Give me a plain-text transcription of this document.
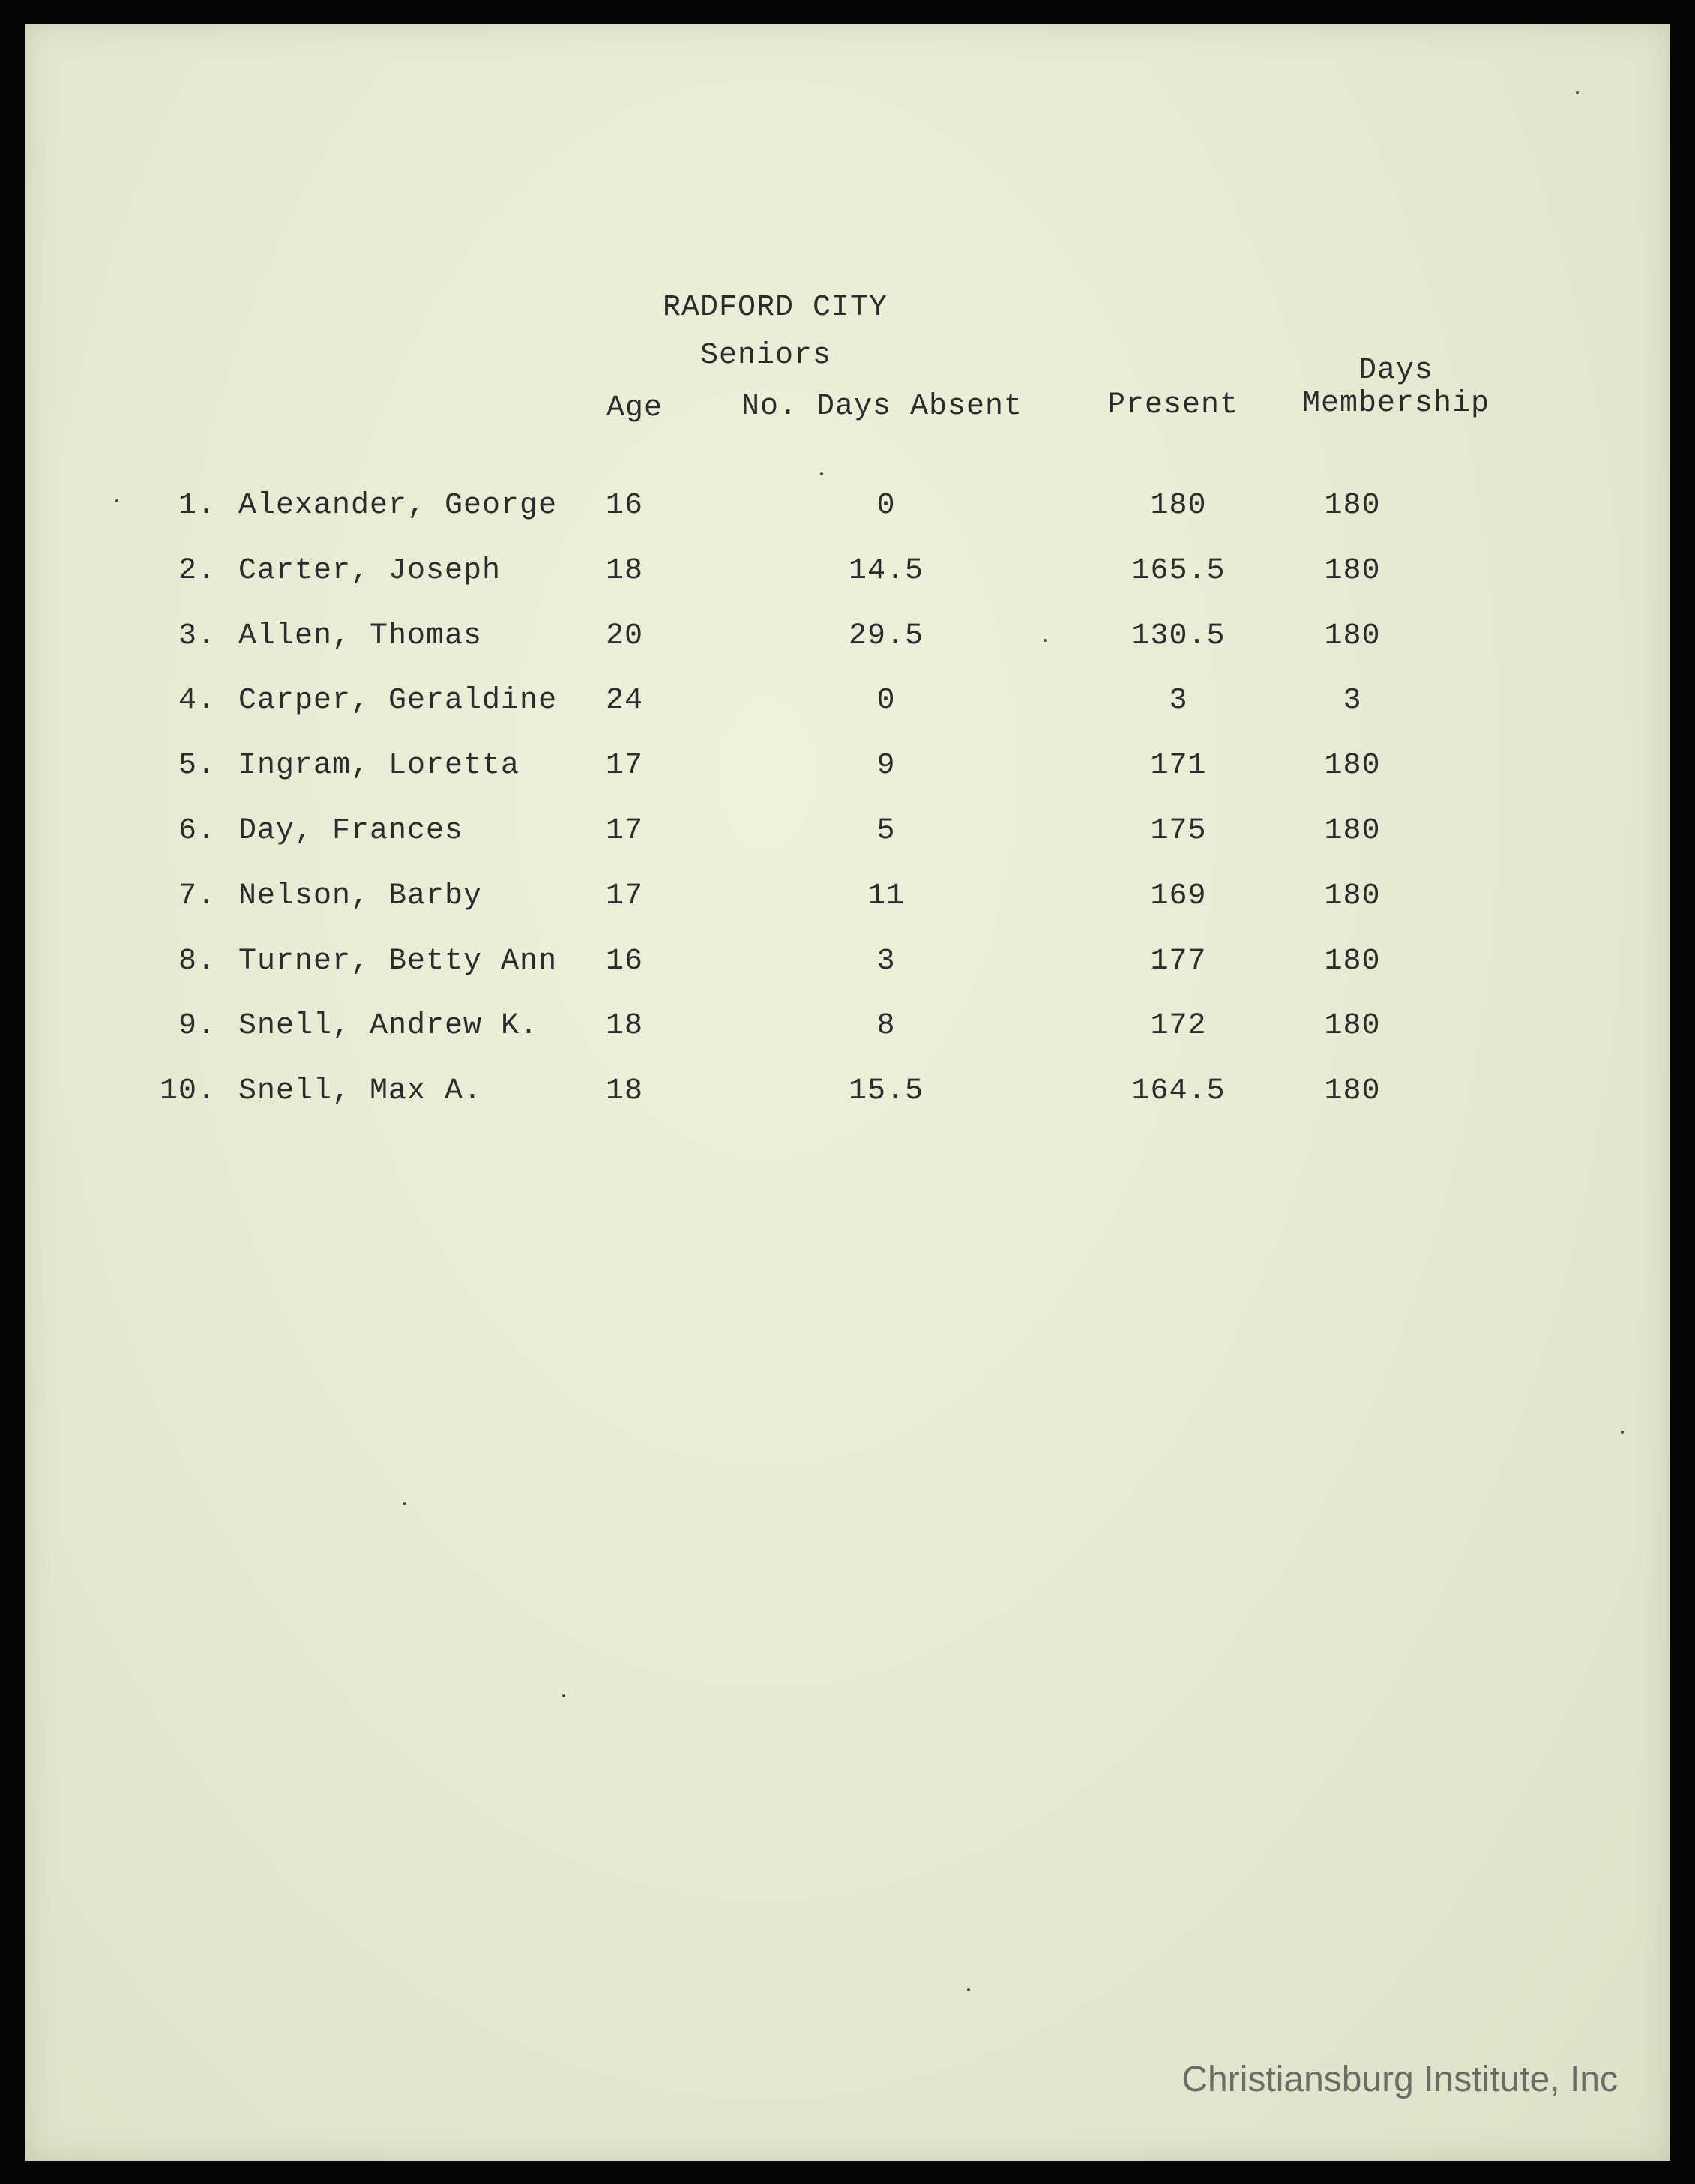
RADFORD CITY
Seniors
Age	No. Days Absent	Present
Days
Membership
1. Alexander, George 16	0	180	180
2. Carter, Joseph	18	14.5	165.5	180
3. Allen, Thomas	20	29.5	130.5	180
4. Carper, Geraldine 24	0	3	3
5. Ingram, Loretta	17	9	171	180
6. Day, Frances	17	5	175	180
7. Nelson, Barby	17	11	169	180
8. Turner, Betty Ann 16	3	177	180
9. Snell, Andrew K. 18	8	172	180
10. Snell, Max A.	18	15.5	164.5	180
Christiansburg Institute, Inc
